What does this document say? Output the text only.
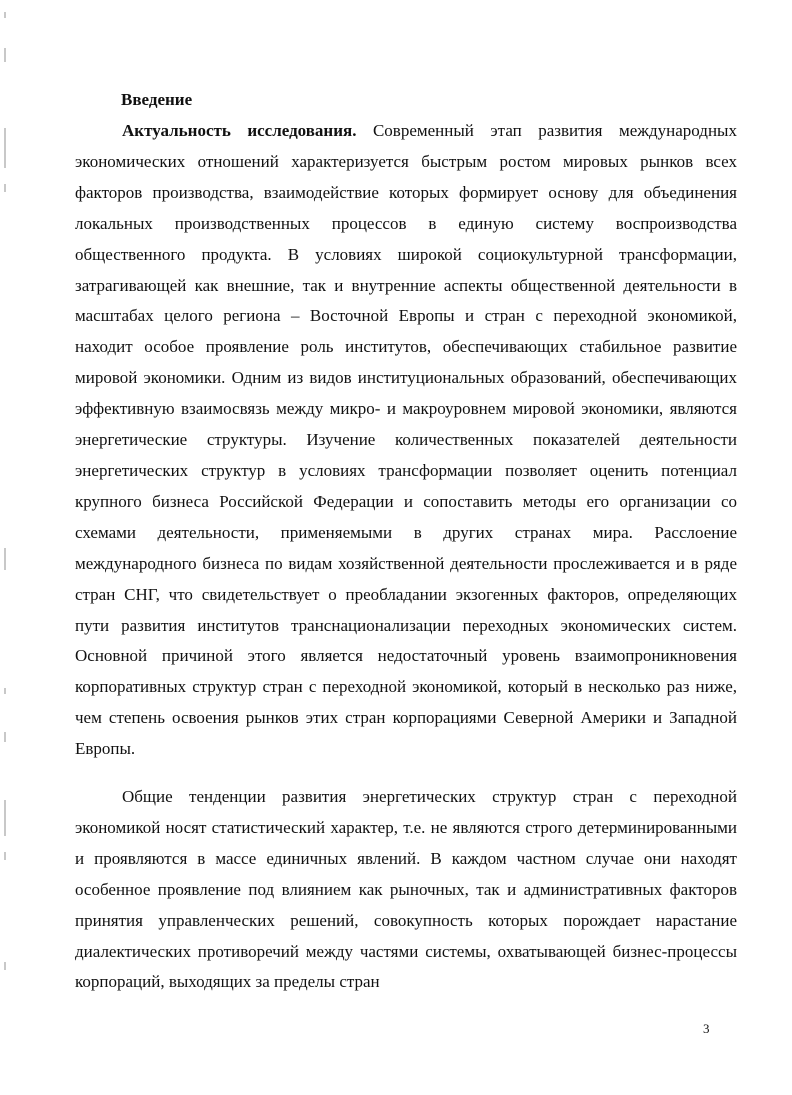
Введение

Актуальность исследования. Современный этап развития международных экономических отношений характеризуется быстрым ростом мировых рынков всех факторов производства, взаимодействие которых формирует основу для объединения локальных производственных процессов в единую систему воспроизводства общественного продукта. В условиях широкой социокультурной трансформации, затрагивающей как внешние, так и внутренние аспекты общественной деятельности в масштабах целого региона – Восточной Европы и стран с переходной экономикой, находит особое проявление роль институтов, обеспечивающих стабильное развитие мировой экономики. Одним из видов институциональных образований, обеспечивающих эффективную взаимосвязь между микро- и макроуровнем мировой экономики, являются энергетические структуры. Изучение количественных показателей деятельности энергетических структур в условиях трансформации позволяет оценить потенциал крупного бизнеса Российской Федерации и сопоставить методы его организации со схемами деятельности, применяемыми в других странах мира. Расслоение международного бизнеса по видам хозяйственной деятельности прослеживается и в ряде стран СНГ, что свидетельствует о преобладании экзогенных факторов, определяющих пути развития институтов транснационализации переходных экономических систем. Основной причиной этого является недостаточный уровень взаимопроникновения корпоративных структур стран с переходной экономикой, который в несколько раз ниже, чем степень освоения рынков этих стран корпорациями Северной Америки и Западной Европы.

Общие тенденции развития энергетических структур стран с переходной экономикой носят статистический характер, т.е. не являются строго детерминированными и проявляются в массе единичных явлений. В каждом частном случае они находят особенное проявление под влиянием как рыночных, так и административных факторов принятия управленческих решений, совокупность которых порождает нарастание диалектических противоречий между частями системы, охватывающей бизнес-процессы корпораций, выходящих за пределы стран

3
